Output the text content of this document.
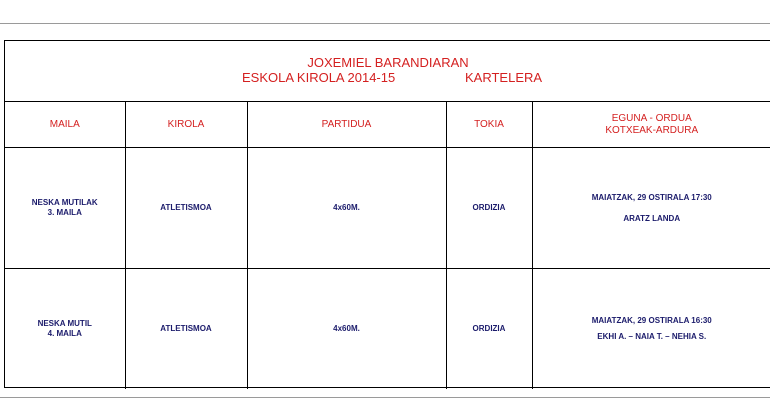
JOXEMIEL BARANDIARAN
ESKOLA KIROLA 2014-15	KARTELERA
MAILA	KIROLA	PARTIDUA	TOKIA	EGUNA - ORDUA
KOTXEAK-ARDURA

NESKA MUTILAK
3. MAILA	ATLETISMOA	4x60M.	ORDIZIA	MAIATZAK, 29 OSTIRALA 17:30
ARATZ LANDA

NESKA MUTIL
4. MAILA	ATLETISMOA	4x60M.	ORDIZIA	MAIATZAK, 29 OSTIRALA 16:30
EKHI A. – NAIA T. – NEHIA S.
